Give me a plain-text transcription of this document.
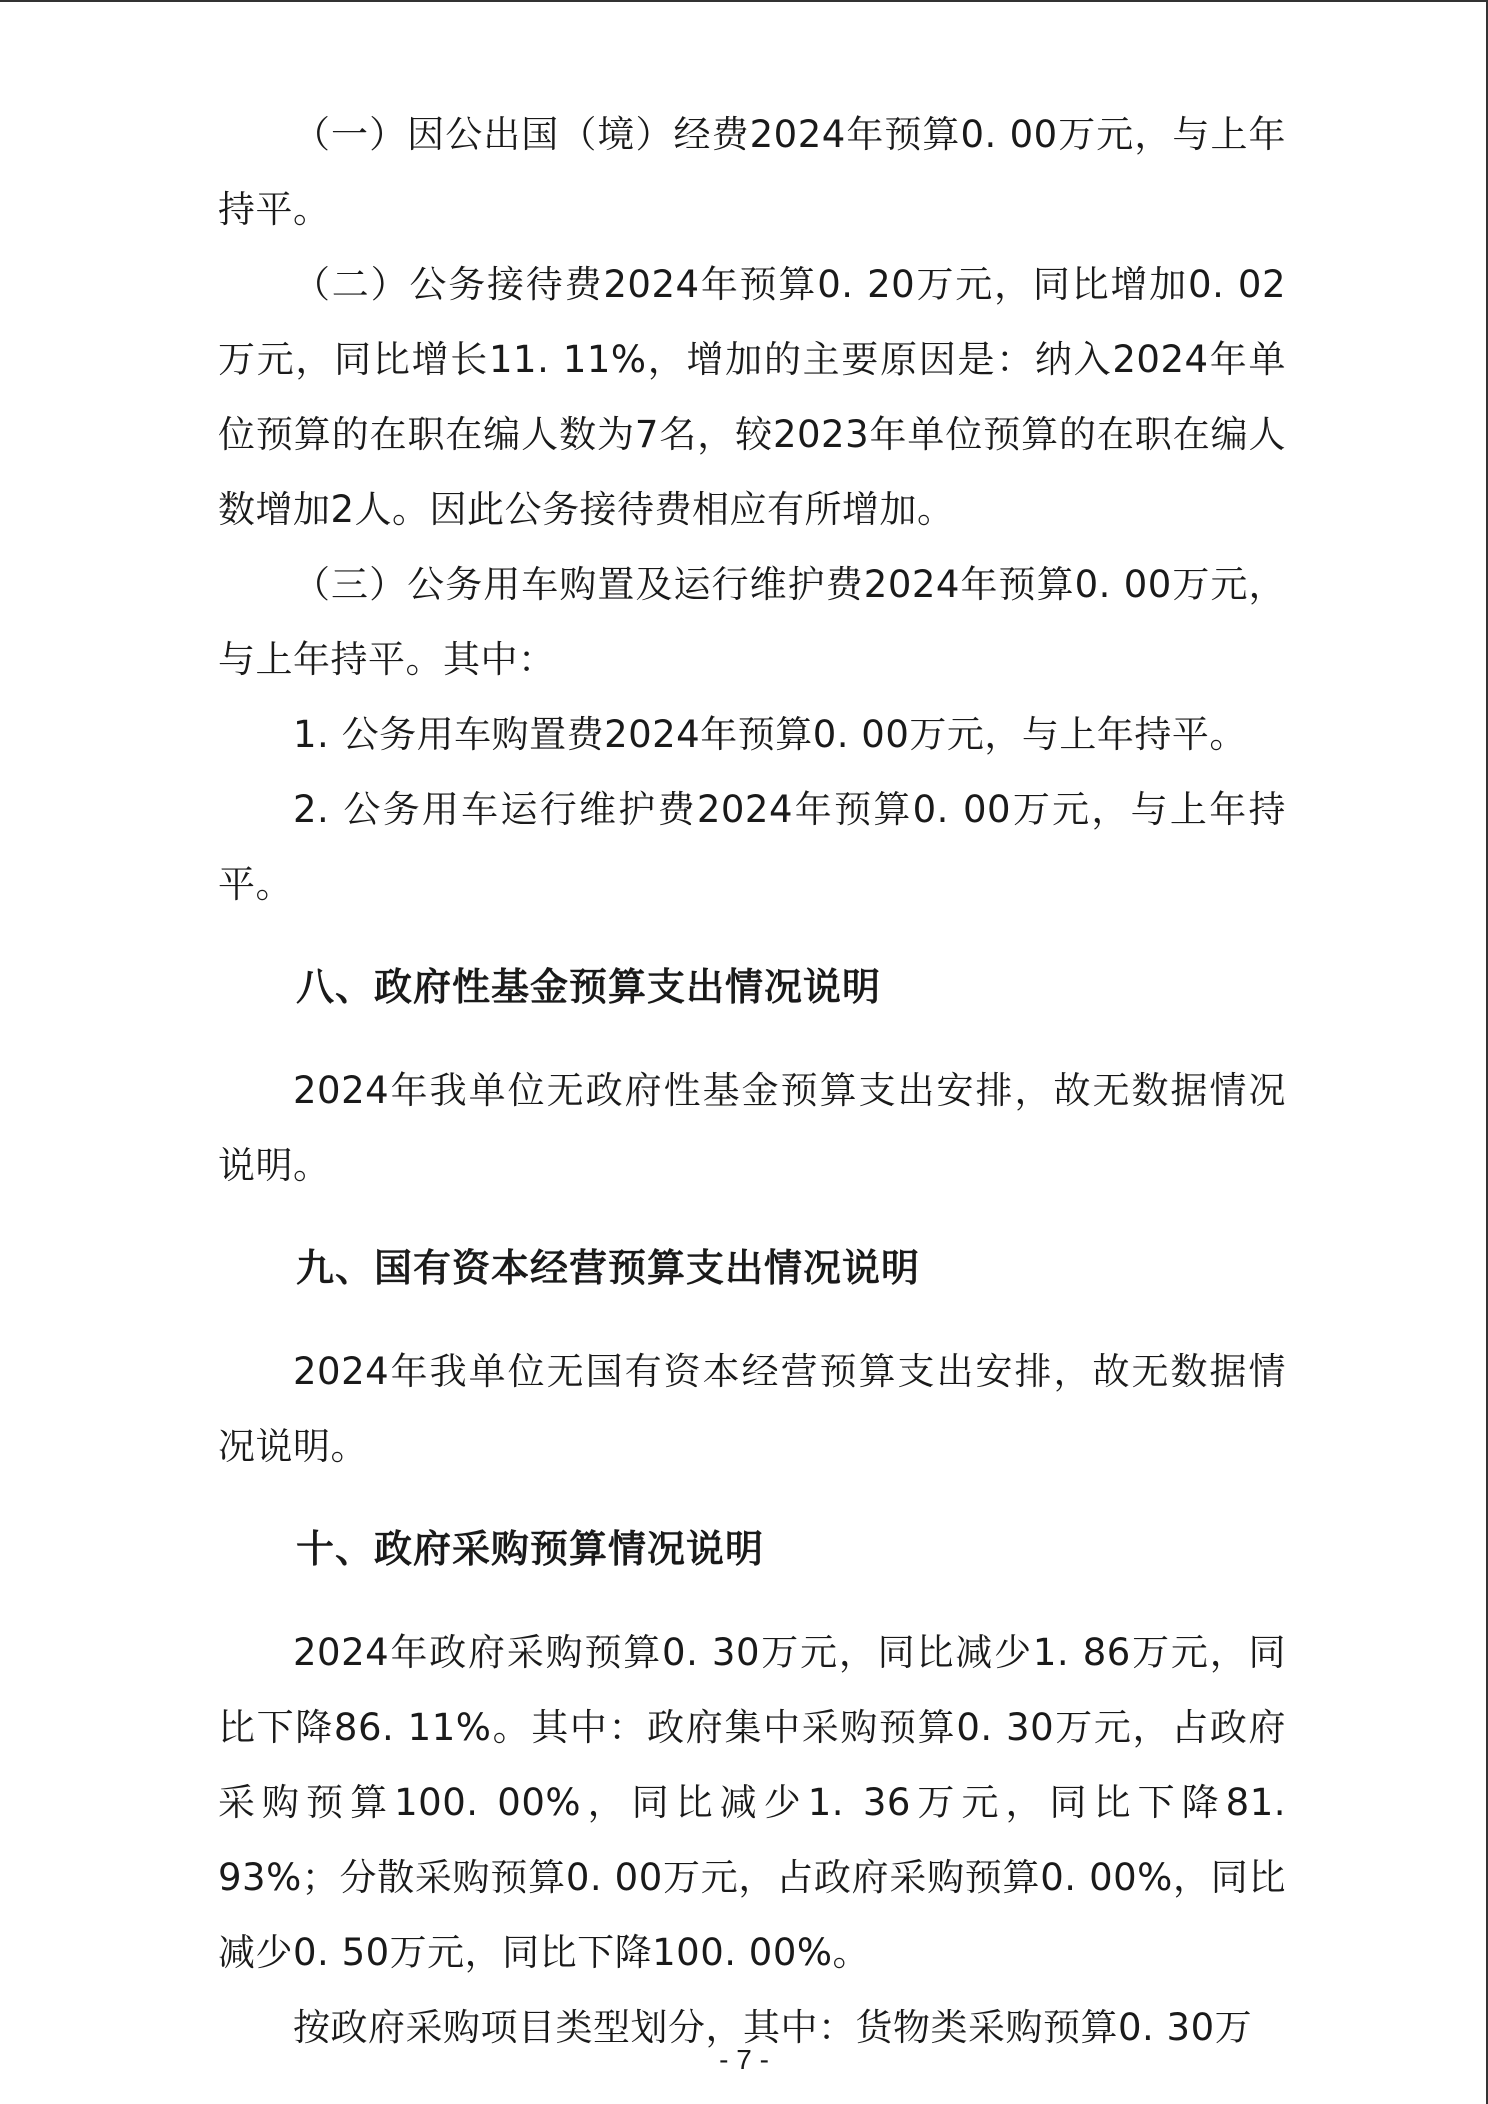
（一）因公出国（境）经费2024年预算0. 00万元，与上年持平。

（二）公务接待费2024年预算0. 20万元，同比增加0. 02万元，同比增长11. 11%，增加的主要原因是：纳入2024年单位预算的在职在编人数为7名，较2023年单位预算的在职在编人数增加2人。因此公务接待费相应有所增加。

（三）公务用车购置及运行维护费2024年预算0. 00万元，与上年持平。其中：

1. 公务用车购置费2024年预算0. 00万元，与上年持平。

2. 公务用车运行维护费2024年预算0. 00万元，与上年持平。

八、政府性基金预算支出情况说明

2024年我单位无政府性基金预算支出安排，故无数据情况说明。

九、国有资本经营预算支出情况说明

2024年我单位无国有资本经营预算支出安排，故无数据情况说明。

十、政府采购预算情况说明

2024年政府采购预算0. 30万元，同比减少1. 86万元，同比下降86. 11%。其中：政府集中采购预算0. 30万元，占政府采购预算100. 00%，同比减少1. 36万元，同比下降81. 93%；分散采购预算0. 00万元，占政府采购预算0. 00%，同比减少0. 50万元，同比下降100. 00%。

按政府采购项目类型划分，其中：货物类采购预算0. 30万

- 7 -
